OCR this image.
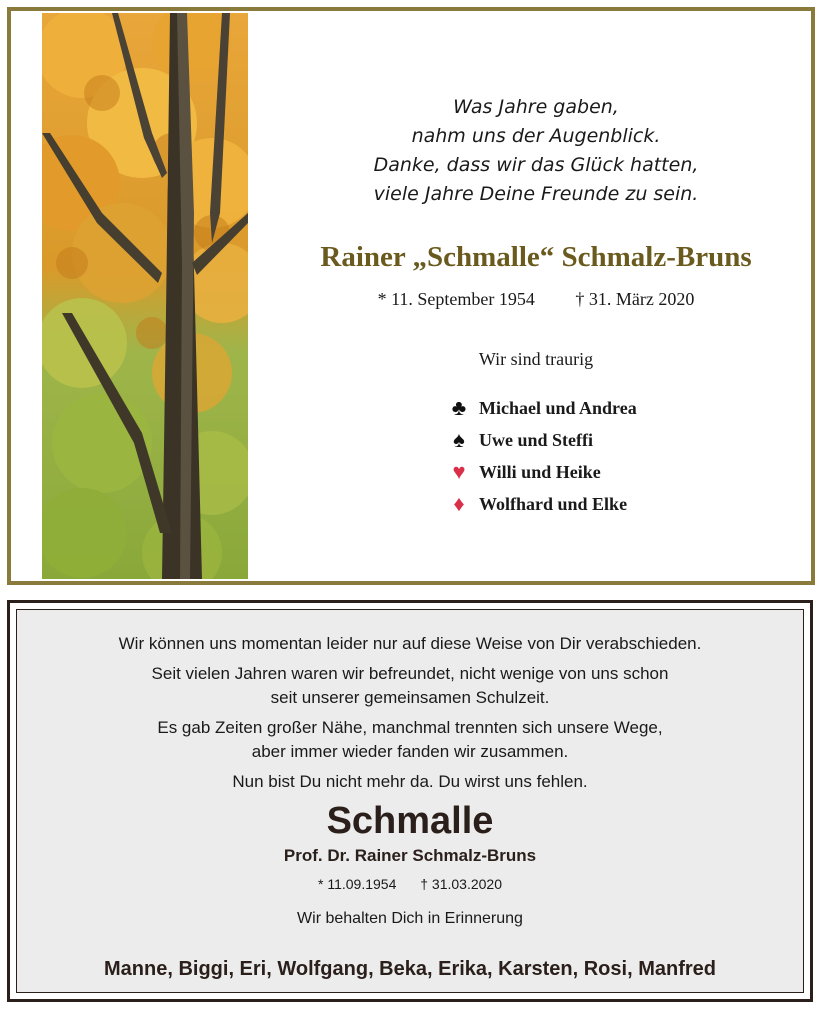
Was Jahre gaben,
nahm uns der Augenblick.
Danke, dass wir das Glück hatten,
viele Jahre Deine Freunde zu sein.
Rainer „Schmalle“ Schmalz-Bruns
* 11. September 1954 † 31. März 2020
Wir sind traurig
♣ Michael und Andrea
♠ Uwe und Steffi
♥ Willi und Heike
♦ Wolfhard und Elke

Wir können uns momentan leider nur auf diese Weise von Dir verabschieden.

Seit vielen Jahren waren wir befreundet, nicht wenige von uns schon

seit unserer gemeinsamen Schulzeit.

Es gab Zeiten großer Nähe, manchmal trennten sich unsere Wege,

aber immer wieder fanden wir zusammen.

Nun bist Du nicht mehr da. Du wirst uns fehlen.

Schmalle
Prof. Dr. Rainer Schmalz-Bruns
* 11.09.1954 † 31.03.2020
Wir behalten Dich in Erinnerung
Manne, Biggi, Eri, Wolfgang, Beka, Erika, Karsten, Rosi, Manfred
